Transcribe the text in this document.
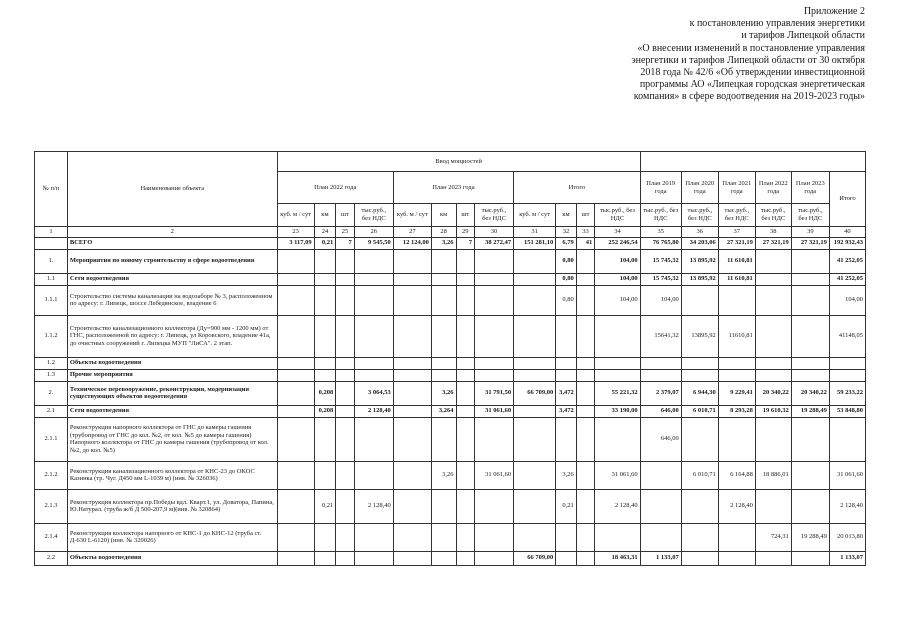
Приложение 2
к постановлению управления энергетики
и тарифов Липецкой области
«О внесении изменений в постановление управления
энергетики и тарифов Липецкой области от 30 октября
2018 года № 42/6 «Об утверждении инвестиционной
программы АО «Липецкая городская энергетическая
компания» в сфере водоотведения на 2019-2023 годы»
№ п/п	Наименование объекта	Ввод мощностей																	
		План 2022 года				План 2023 года				Итого				План 2019 года	План 2020 года	План 2021 года	План 2022 года	План 2023 года	Итого
		куб. м / сут	км	шт	тыс.руб., без НДС	куб. м / сут	км	шт	тыс.руб., без НДС	куб. м / сут	км	шт	тыс.руб., без НДС	тыс.руб., без НДС	тыс.руб., без НДС	тыс.руб., без НДС	тыс.руб., без НДС	тыс.руб., без НДС	
1	2	23	24	25	26	27	28	29	30	31	32	33	34	35	36	37	38	39	40
	ВСЕГО	3 117,09	0,21	7	9 545,50	12 124,00	3,26	7	38 272,47	151 281,10	6,79	41	252 246,54	76 765,80	34 203,06	27 321,19	27 321,19	27 321,19	192 932,43
1.	Мероприятия по новому строительству в сфере водоотведения										0,80		104,00	15 745,32	13 895,92	11 610,81			41 252,05
1.1	Сети водоотведения										0,80		104,00	15 745,32	13 895,92	11 610,81			41 252,05
1.1.1	Строительство системы канализации на водозаборе № 3, расположенном по адресу: г. Липецк, шоссе Лебедянское, владение 6										0,80		104,00	104,00					104,00
1.1.2	Строительство канализационного коллектора (Ду=900 мм - 1200 мм) от ГНС, расположенной по адресу: г. Липецк, ул Коровского, владение 41а, до очистных сооружений г. Липецка МУП "ЛиСА". 2 этап.													15641,32	13895,92	11610,81			41148,05
1.2	Объекты водоотведения																		
1.3	Прочие мероприятия																		
2.	Техническое перевооружение, реконструкция, модернизация существующих объектов водоотведения		0,208		3 064,53		3,26		31 791,50	66 709,00	3,472		55 221,32	2 379,07	6 944,30	9 229,41	20 340,22	20 340,22	59 233,22
2.1	Сети водоотведения		0,208		2 128,40		3,264		31 061,60		3,472		33 190,00	646,00	6 010,71	8 293,28	19 610,32	19 288,49	53 848,80
2.1.1	Реконструкция напорного коллектора от ГНС до камеры гашения (трубопровод от ГНС до кол. №2, от кол. №5 до камеры гашения) Напорного коллектора от ГНС до камеры гашения (трубопровод от кол. №2, до кол. №5)													646,00					
2.1.2	Реконструкция канализационного коллектора от КНС-23 до ОКОС Казинка (тр. Чуг. Д450 мм L-1039 м) (инв. № 326036)						3,26		31 061,60		3,26		31 061,60		6 010,71	6 164,88	18 886,01		31 061,60
2.1.3	Реконструкция коллектора пр.Победы вдл. Кварт.1, ул. Доватора, Папина, Ю.Натурал. (труба ж/б Д 500-207,9 м)(инв. № 320864)		0,21		2 128,40						0,21		2 128,40			2 128,40			2 128,40
2.1.4	Реконструкция коллектора напорного от КНС-1 до КНС-12 (труба ст. Д-630 L-6120) (инв. № 320026)																724,31	19 288,49	20 013,80
2.2	Объекты водоотведения									66 709,00			18 463,31	1 133,07					1 133,07
